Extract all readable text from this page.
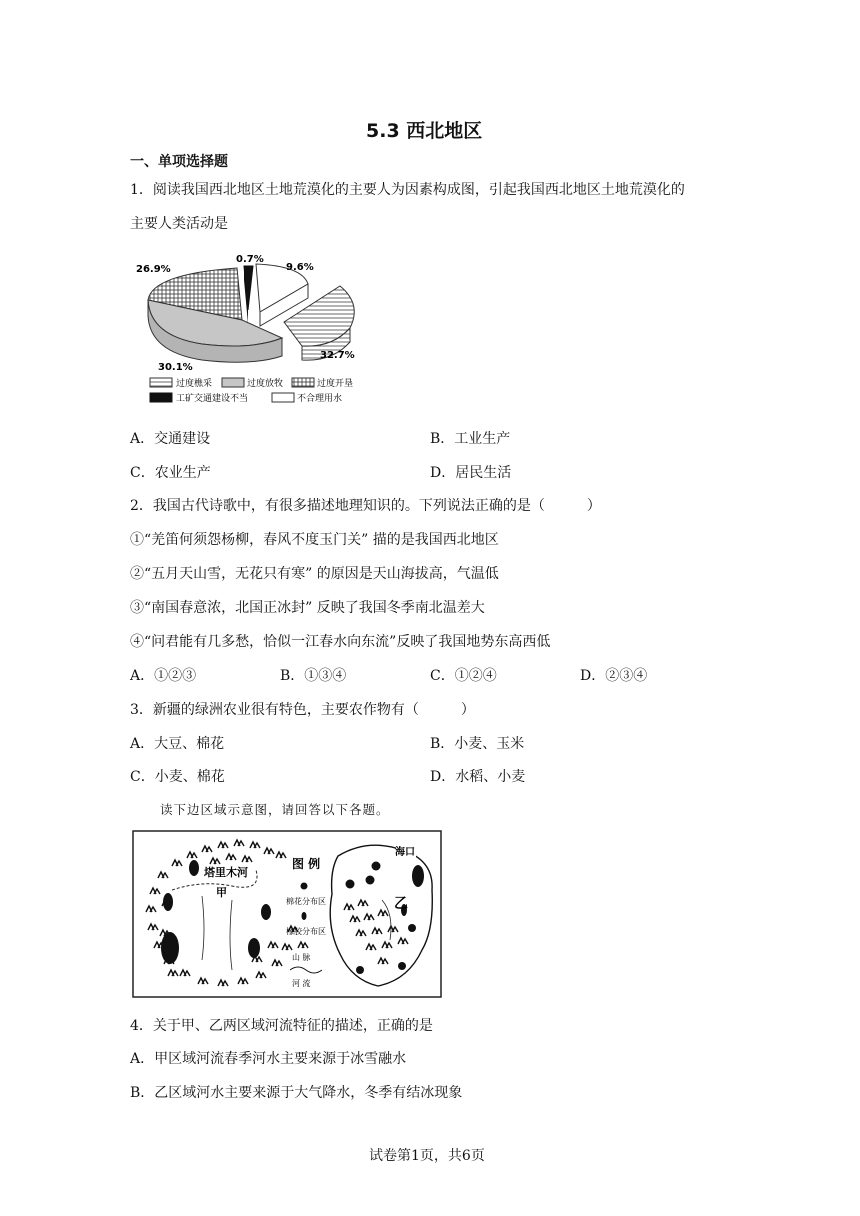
5.3 西北地区
一、单项选择题
1．阅读我国西北地区土地荒漠化的主要人为因素构成图，引起我国西北地区土地荒漠化的
主要人类活动是
26.9%
0.7%
9.6%
32.7%
30.1%
过度樵采	过度放牧	过度开垦
工矿交通建设不当	不合理用水
A．交通建设	B．工业生产
C．农业生产	D．居民生活
2．我国古代诗歌中，有很多描述地理知识的。下列说法正确的是（　　　）
①“羌笛何须怨杨柳，春风不度玉门关” 描的是我国西北地区
②“五月天山雪，无花只有寒” 的原因是天山海拔高，气温低
③“南国春意浓，北国正冰封” 反映了我国冬季南北温差大
④“问君能有几多愁，恰似一江春水向东流”反映了我国地势东高西低
A．①②③	B．①③④	C．①②④	D．②③④
3．新疆的绿洲农业很有特色，主要农作物有（　　　）
A．大豆、棉花	B．小麦、玉米
C．小麦、棉花	D．水稻、小麦
读下边区域示意图，请回答以下各题。
塔里木河
甲
图 例
棉花分布区
橡胶分布区
山 脉
河 流
海口
乙
4．关于甲、乙两区域河流特征的描述，正确的是
A．甲区域河流春季河水主要来源于冰雪融水
B．乙区域河水主要来源于大气降水，冬季有结冰现象
试卷第1页，共6页
